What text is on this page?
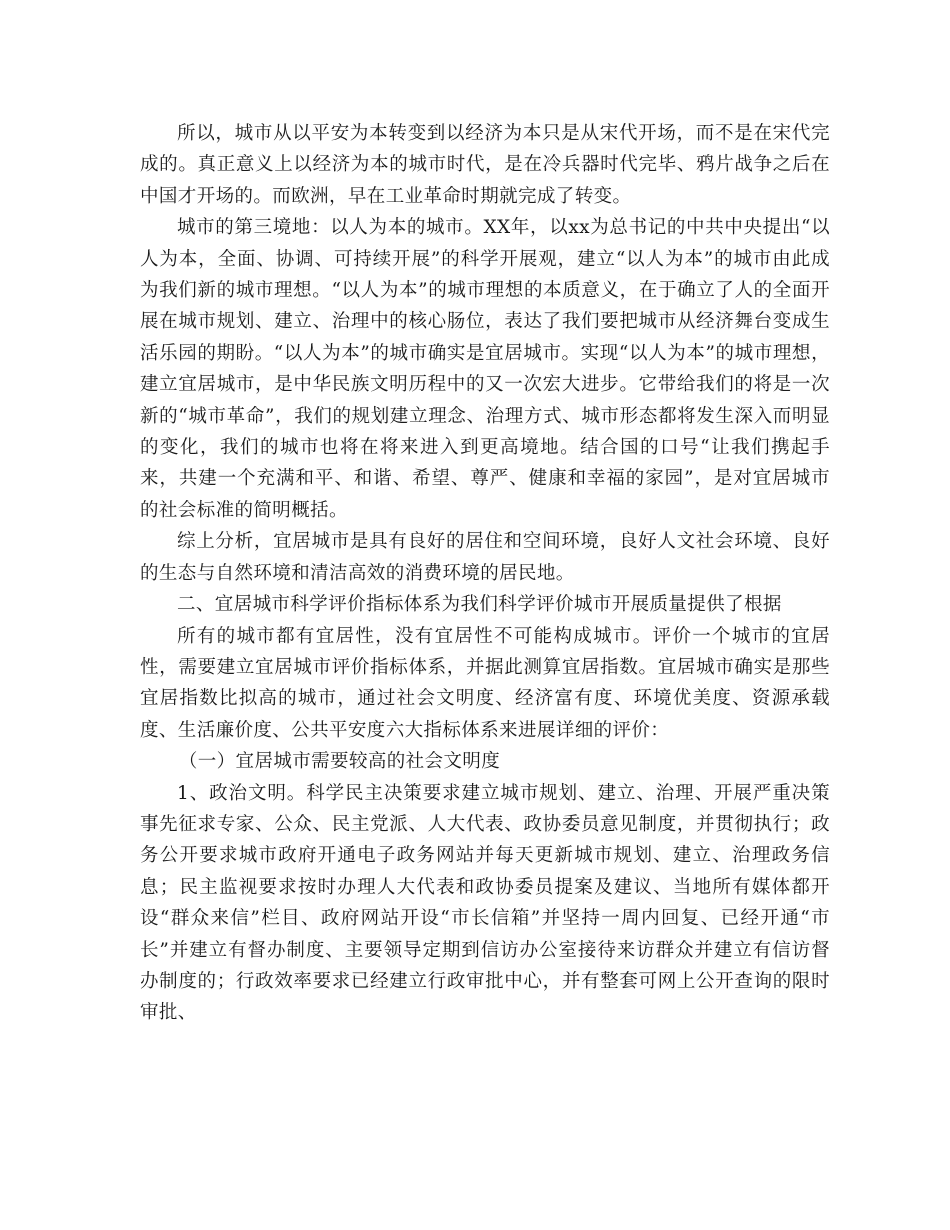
所以，城市从以平安为本转变到以经济为本只是从宋代开场，而不是在宋代完成的。真正意义上以经济为本的城市时代，是在冷兵器时代完毕、鸦片战争之后在中国才开场的。而欧洲，早在工业革命时期就完成了转变。

城市的第三境地：以人为本的城市。XX年，以xx为总书记的中共中央提出“以人为本，全面、协调、可持续开展”的科学开展观，建立“以人为本”的城市由此成为我们新的城市理想。“以人为本”的城市理想的本质意义，在于确立了人的全面开展在城市规划、建立、治理中的核心肠位，表达了我们要把城市从经济舞台变成生活乐园的期盼。“以人为本”的城市确实是宜居城市。实现“以人为本”的城市理想，建立宜居城市，是中华民族文明历程中的又一次宏大进步。它带给我们的将是一次新的“城市革命”，我们的规划建立理念、治理方式、城市形态都将发生深入而明显的变化，我们的城市也将在将来进入到更高境地。结合国的口号“让我们携起手来，共建一个充满和平、和谐、希望、尊严、健康和幸福的家园”，是对宜居城市的社会标准的简明概括。

综上分析，宜居城市是具有良好的居住和空间环境，良好人文社会环境、良好的生态与自然环境和清洁高效的消费环境的居民地。

二、宜居城市科学评价指标体系为我们科学评价城市开展质量提供了根据

所有的城市都有宜居性，没有宜居性不可能构成城市。评价一个城市的宜居性，需要建立宜居城市评价指标体系，并据此测算宜居指数。宜居城市确实是那些宜居指数比拟高的城市，通过社会文明度、经济富有度、环境优美度、资源承载度、生活廉价度、公共平安度六大指标体系来进展详细的评价：

（一）宜居城市需要较高的社会文明度

1、政治文明。科学民主决策要求建立城市规划、建立、治理、开展严重决策事先征求专家、公众、民主党派、人大代表、政协委员意见制度，并贯彻执行；政务公开要求城市政府开通电子政务网站并每天更新城市规划、建立、治理政务信息；民主监视要求按时办理人大代表和政协委员提案及建议、当地所有媒体都开设“群众来信”栏目、政府网站开设“市长信箱”并坚持一周内回复、已经开通“市长”并建立有督办制度、主要领导定期到信访办公室接待来访群众并建立有信访督办制度的；行政效率要求已经建立行政审批中心，并有整套可网上公开查询的限时审批、
